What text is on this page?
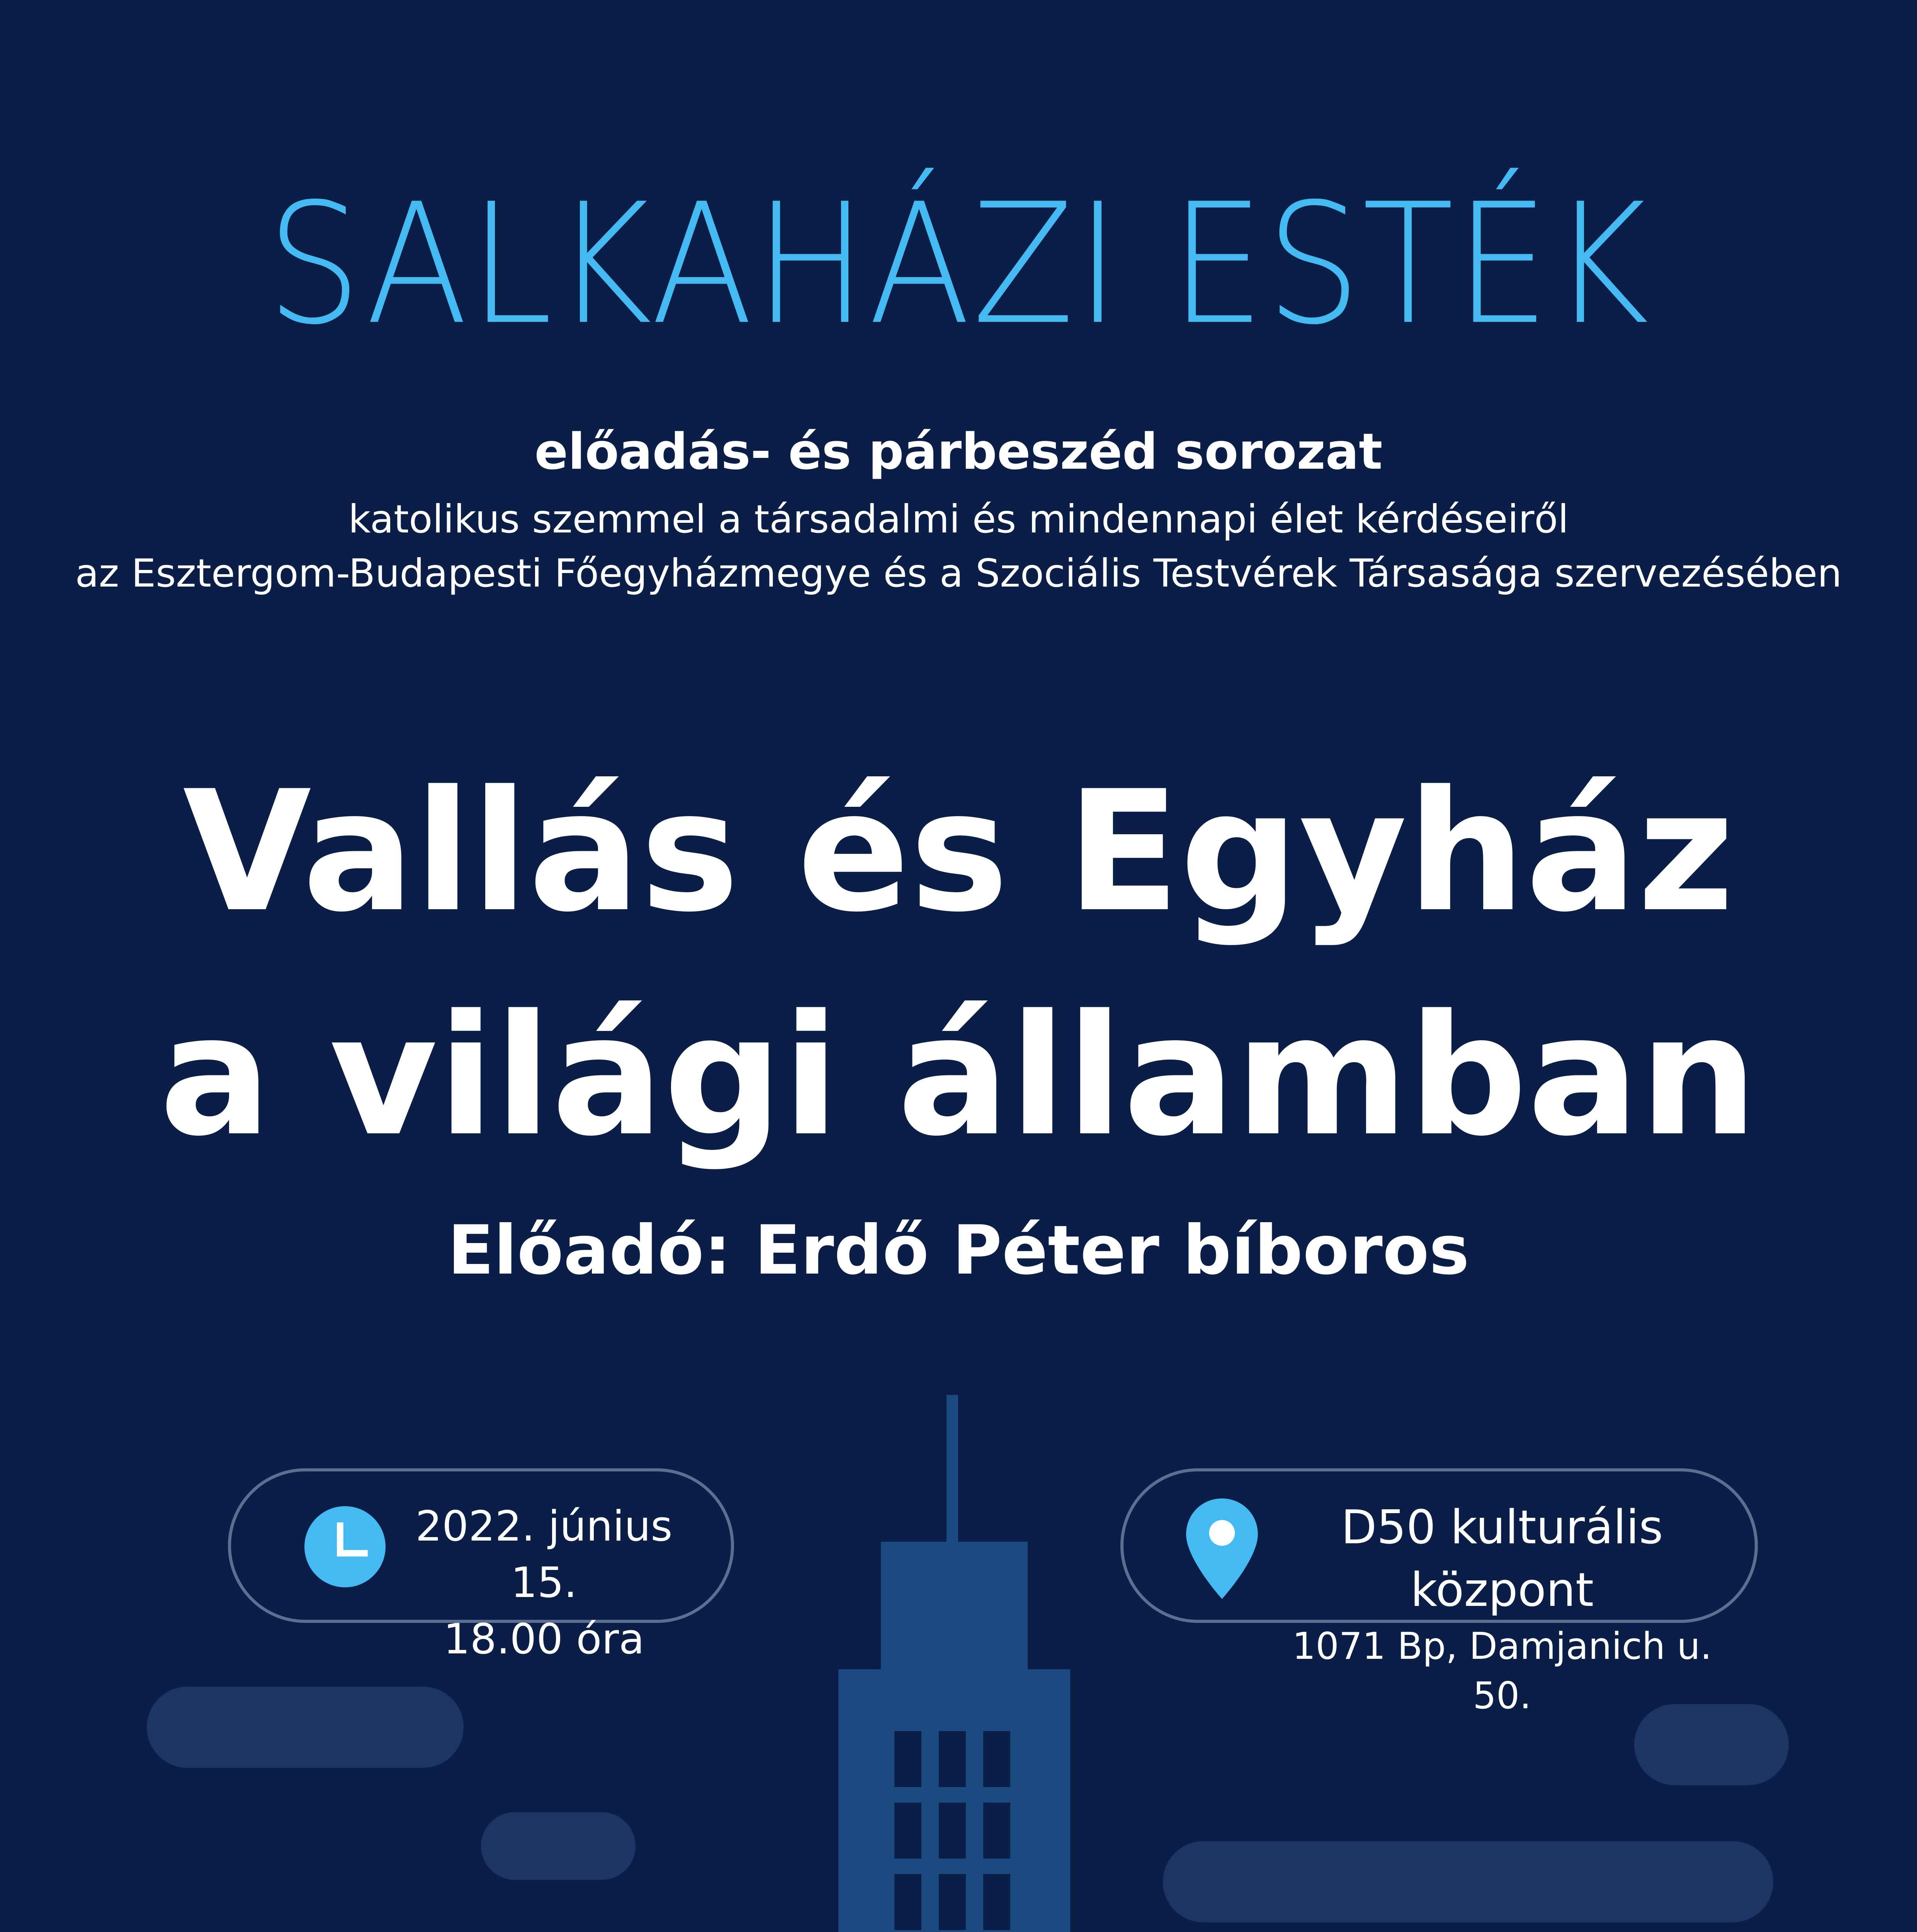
SALKAHÁZI ESTÉK
előadás- és párbeszéd sorozat
katolikus szemmel a társadalmi és mindennapi élet kérdéseiről
az Esztergom-Budapesti Főegyházmegye és a Szociális Testvérek Társasága szervezésében
Vallás és Egyház
a világi államban
Előadó: Erdő Péter bíboros
2022. június 15.
18.00 óra
D50 kulturális központ
1071 Bp, Damjanich u. 50.
